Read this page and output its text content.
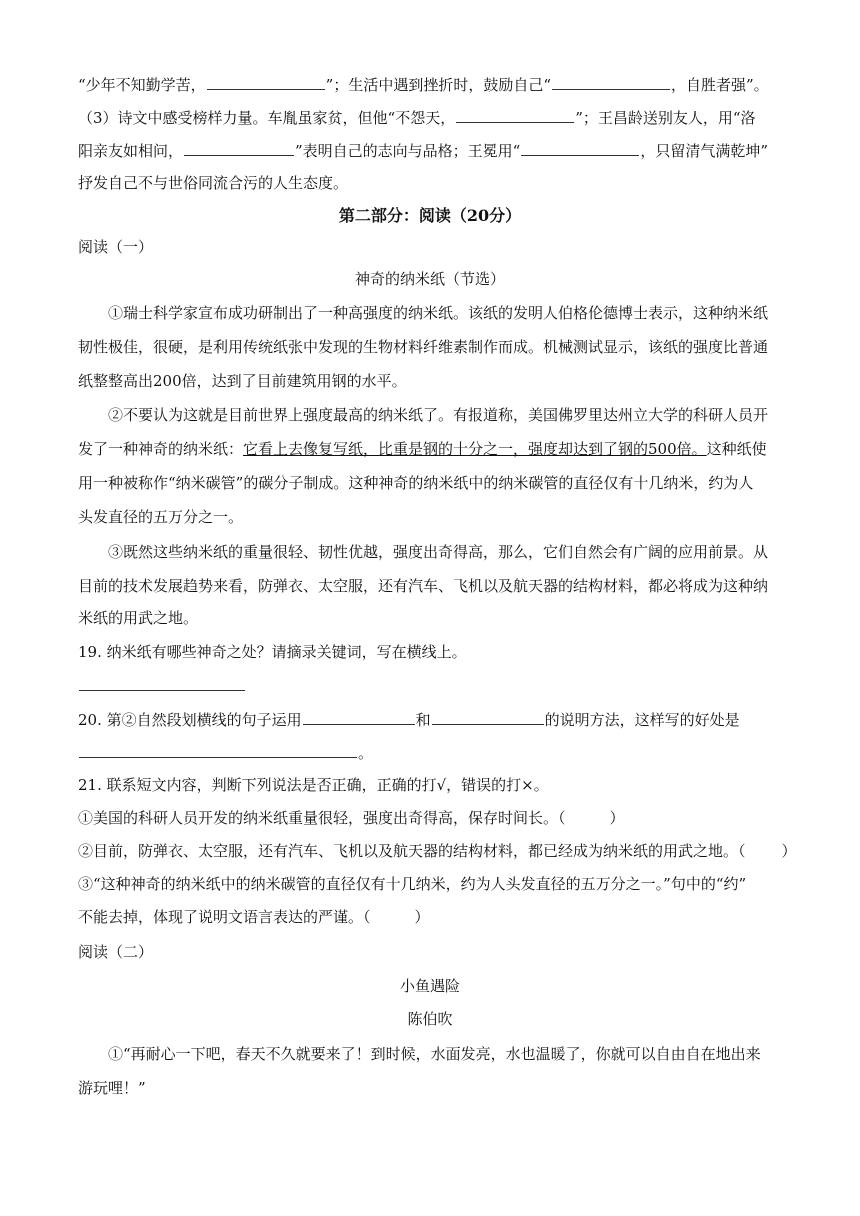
“少年不知勤学苦，	”；生活中遇到挫折时，鼓励自己“	，自胜者强”。
（3）诗文中感受榜样力量。车胤虽家贫，但他“不怨天，	”；王昌龄送别友人，用“洛
阳亲友如相问，	”表明自己的志向与品格；王冕用“	，只留清气满乾坤”
抒发自己不与世俗同流合污的人生态度。
第二部分：阅读（20分）
阅读（一）
神奇的纳米纸（节选）
①瑞士科学家宣布成功研制出了一种高强度的纳米纸。该纸的发明人伯格伦德博士表示，这种纳米纸
韧性极佳，很硬，是利用传统纸张中发现的生物材料纤维素制作而成。机械测试显示，该纸的强度比普通
纸整整高出200倍，达到了目前建筑用钢的水平。
②不要认为这就是目前世界上强度最高的纳米纸了。有报道称，美国佛罗里达州立大学的科研人员开
发了一种神奇的纳米纸：它看上去像复写纸，比重是钢的十分之一，强度却达到了钢的500倍。这种纸使
用一种被称作“纳米碳管”的碳分子制成。这种神奇的纳米纸中的纳米碳管的直径仅有十几纳米，约为人
头发直径的五万分之一。
③既然这些纳米纸的重量很轻、韧性优越，强度出奇得高，那么，它们自然会有广阔的应用前景。从
目前的技术发展趋势来看，防弹衣、太空服，还有汽车、飞机以及航天器的结构材料，都必将成为这种纳
米纸的用武之地。
19. 纳米纸有哪些神奇之处？请摘录关键词，写在横线上。
20. 第②自然段划横线的句子运用	和	的说明方法，这样写的好处是
。
21. 联系短文内容，判断下列说法是否正确，正确的打√，错误的打×。
①美国的科研人员开发的纳米纸重量很轻，强度出奇得高，保存时间长。（	）
②目前，防弹衣、太空服，还有汽车、飞机以及航天器的结构材料，都已经成为纳米纸的用武之地。（ ）
③“这种神奇的纳米纸中的纳米碳管的直径仅有十几纳米，约为人头发直径的五万分之一。”句中的“约”
不能去掉，体现了说明文语言表达的严谨。（	）
阅读（二）
小鱼遇险
陈伯吹
①“再耐心一下吧，春天不久就要来了！到时候，水面发亮，水也温暖了，你就可以自由自在地出来
游玩哩！”
